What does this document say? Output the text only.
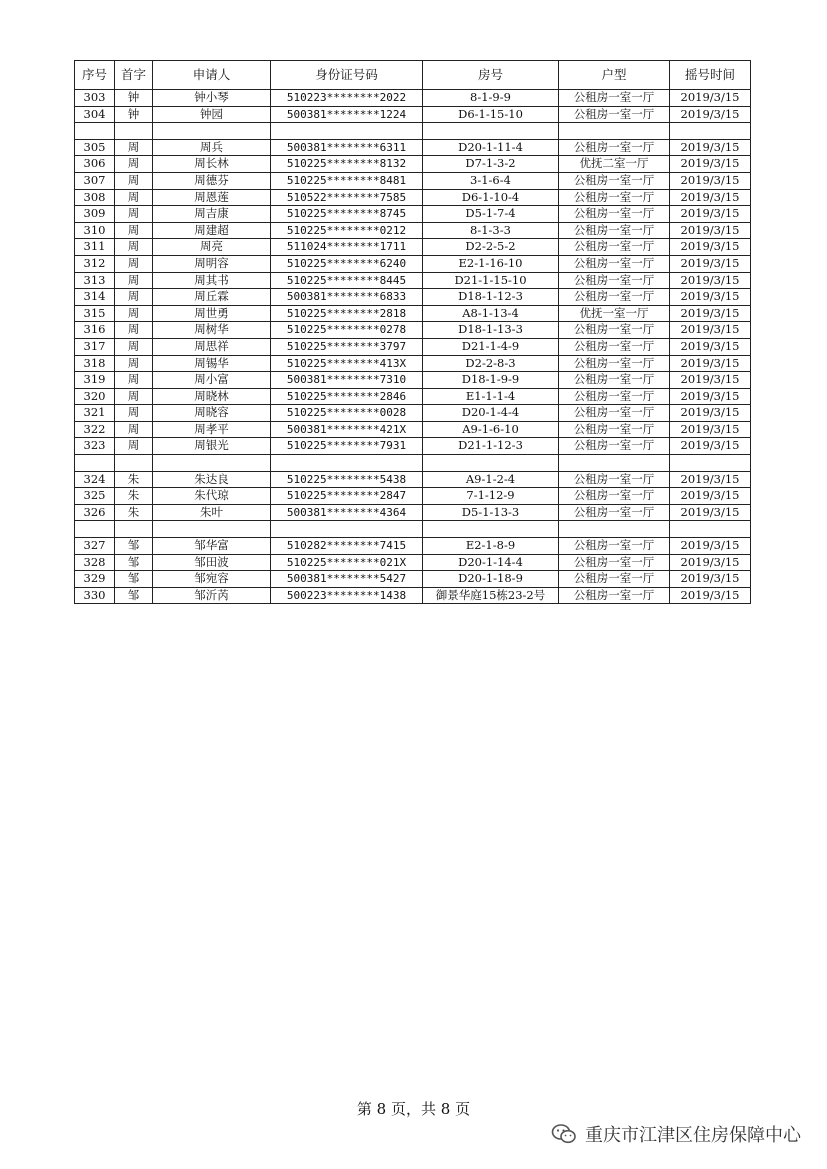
序号	首字	申请人	身份证号码	房号	户型	摇号时间
303	钟	钟小琴	510223********2022	8-1-9-9	公租房一室一厅	2019/3/15
304	钟	钟园	500381********1224	D6-1-15-10	公租房一室一厅	2019/3/15

305	周	周兵	500381********6311	D20-1-11-4	公租房一室一厅	2019/3/15
306	周	周长林	510225********8132	D7-1-3-2	优抚二室一厅	2019/3/15
307	周	周德芬	510225********8481	3-1-6-4	公租房一室一厅	2019/3/15
308	周	周恩莲	510522********7585	D6-1-10-4	公租房一室一厅	2019/3/15
309	周	周吉康	510225********8745	D5-1-7-4	公租房一室一厅	2019/3/15
310	周	周建超	510225********0212	8-1-3-3	公租房一室一厅	2019/3/15
311	周	周亮	511024********1711	D2-2-5-2	公租房一室一厅	2019/3/15
312	周	周明容	510225********6240	E2-1-16-10	公租房一室一厅	2019/3/15
313	周	周其书	510225********8445	D21-1-15-10	公租房一室一厅	2019/3/15
314	周	周丘霖	500381********6833	D18-1-12-3	公租房一室一厅	2019/3/15
315	周	周世勇	510225********2818	A8-1-13-4	优抚一室一厅	2019/3/15
316	周	周树华	510225********0278	D18-1-13-3	公租房一室一厅	2019/3/15
317	周	周思祥	510225********3797	D21-1-4-9	公租房一室一厅	2019/3/15
318	周	周锡华	510225********413X	D2-2-8-3	公租房一室一厅	2019/3/15
319	周	周小富	500381********7310	D18-1-9-9	公租房一室一厅	2019/3/15
320	周	周晓林	510225********2846	E1-1-1-4	公租房一室一厅	2019/3/15
321	周	周晓容	510225********0028	D20-1-4-4	公租房一室一厅	2019/3/15
322	周	周孝平	500381********421X	A9-1-6-10	公租房一室一厅	2019/3/15
323	周	周银光	510225********7931	D21-1-12-3	公租房一室一厅	2019/3/15

324	朱	朱达良	510225********5438	A9-1-2-4	公租房一室一厅	2019/3/15
325	朱	朱代琼	510225********2847	7-1-12-9	公租房一室一厅	2019/3/15
326	朱	朱叶	500381********4364	D5-1-13-3	公租房一室一厅	2019/3/15

327	邹	邹华富	510282********7415	E2-1-8-9	公租房一室一厅	2019/3/15
328	邹	邹田波	510225********021X	D20-1-14-4	公租房一室一厅	2019/3/15
329	邹	邹宛容	500381********5427	D20-1-18-9	公租房一室一厅	2019/3/15
330	邹	邹沂芮	500223********1438	御景华庭15栋23-2号	公租房一室一厅	2019/3/15
第 8 页，共 8 页
重庆市江津区住房保障中心
